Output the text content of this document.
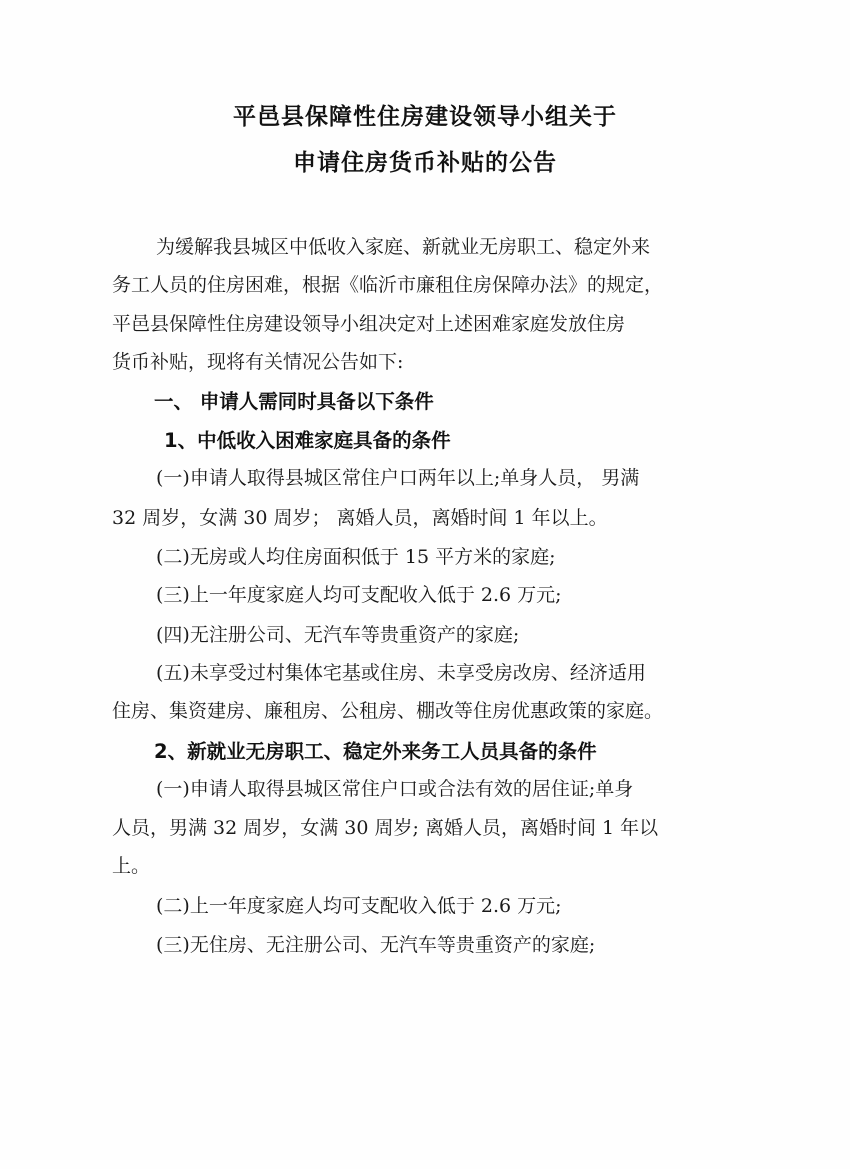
平邑县保障性住房建设领导小组关于
申请住房货币补贴的公告
为缓解我县城区中低收入家庭、新就业无房职工、稳定外来
务工人员的住房困难，根据《临沂市廉租住房保障办法》的规定，
平邑县保障性住房建设领导小组决定对上述困难家庭发放住房
货币补贴，现将有关情况公告如下:
一、 申请人需同时具备以下条件
1、中低收入困难家庭具备的条件
(一)申请人取得县城区常住户口两年以上;单身人员， 男满
32 周岁，女满 30 周岁； 离婚人员，离婚时间 1 年以上。
(二)无房或人均住房面积低于 15 平方米的家庭;
(三)上一年度家庭人均可支配收入低于 2.6 万元;
(四)无注册公司、无汽车等贵重资产的家庭;
(五)未享受过村集体宅基或住房、未享受房改房、经济适用
住房、集资建房、廉租房、公租房、棚改等住房优惠政策的家庭。
2、新就业无房职工、稳定外来务工人员具备的条件
(一)申请人取得县城区常住户口或合法有效的居住证;单身
人员，男满 32 周岁，女满 30 周岁; 离婚人员，离婚时间 1 年以
上。
(二)上一年度家庭人均可支配收入低于 2.6 万元;
(三)无住房、无注册公司、无汽车等贵重资产的家庭;
